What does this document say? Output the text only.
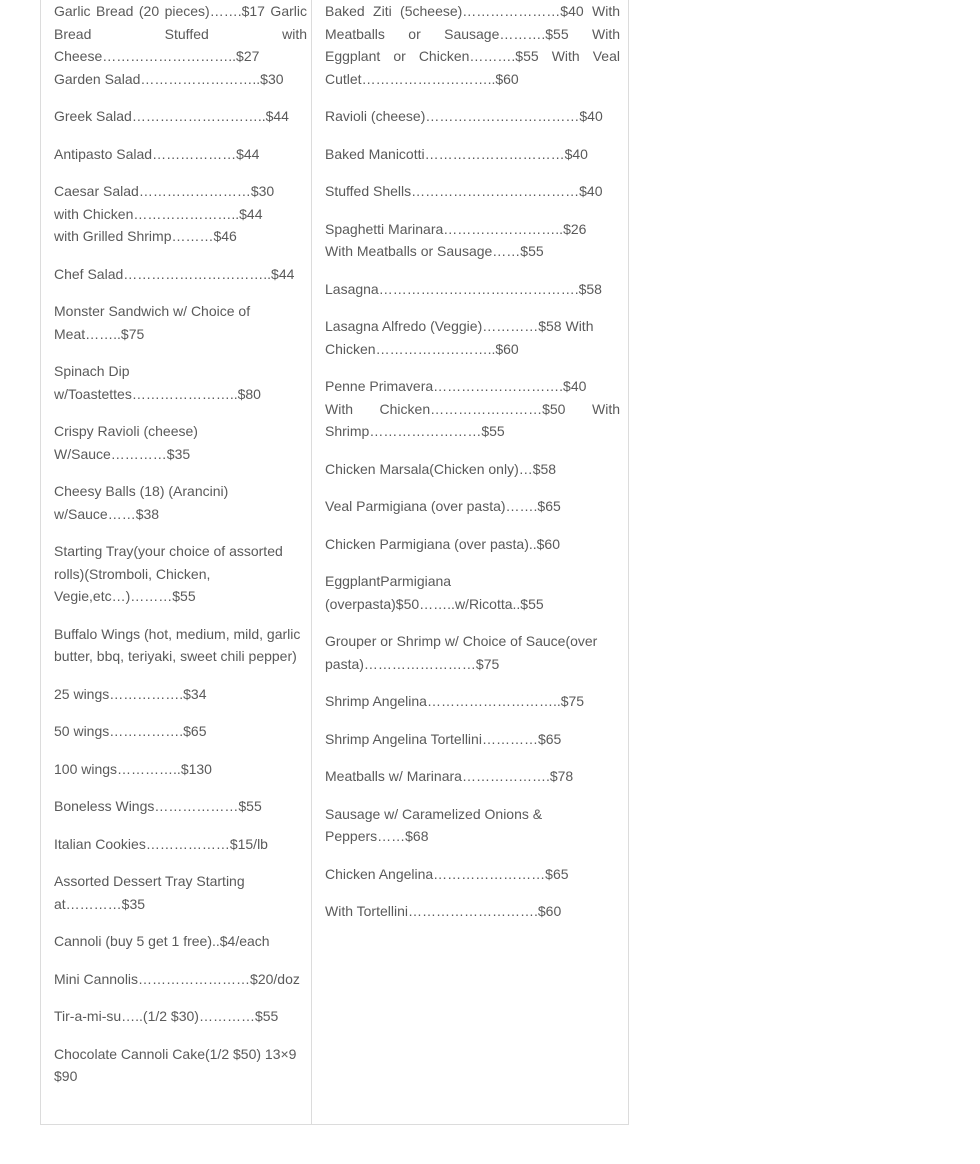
Garlic Bread (20 pieces)…….$17 Garlic Bread Stuffed with Cheese………………………..$27 Garden Salad……………………..$30

Greek Salad………………………..$44

Antipasto Salad………………$44

Caesar Salad……………………$30
with Chicken…………………..$44
with Grilled Shrimp………$46

Chef Salad…………………………..$44

Monster Sandwich w/ Choice of Meat……..$75

Spinach Dip w/Toastettes…………………..$80

Crispy Ravioli (cheese) W/Sauce…………$35

Cheesy Balls (18) (Arancini) w/Sauce……$38

Starting Tray(your choice of assorted rolls)(Stromboli, Chicken, Vegie,etc…)………$55

Buffalo Wings (hot, medium, mild, garlic butter, bbq, teriyaki, sweet chili pepper)

25 wings…………….$34

50 wings…………….$65

100 wings…………..$130

Boneless Wings………………$55

Italian Cookies………………$15/lb

Assorted Dessert Tray Starting at…………$35

Cannoli (buy 5 get 1 free)..$4/each

Mini Cannolis……………………$20/doz

Tir-a-mi-su…..(1/2 $30)…………$55

Chocolate Cannoli Cake(1/2 $50) 13×9 $90

Baked Ziti (5cheese)…………………$40 With Meatballs or Sausage……….$55 With Eggplant or Chicken……….$55 With Veal Cutlet………………………..$60

Ravioli (cheese)……………………………$40

Baked Manicotti…………………………$40

Stuffed Shells………………………………$40

Spaghetti Marinara……………………..$26
With Meatballs or Sausage……$55

Lasagna…………………………………….$58

Lasagna Alfredo (Veggie)…………$58 With Chicken……………………..$60

Penne Primavera……………………….$40
With Chicken……………………$50 With Shrimp……………………$55

Chicken Marsala(Chicken only)…$58

Veal Parmigiana (over pasta)…….$65

Chicken Parmigiana (over pasta)..$60

EggplantParmigiana (overpasta)$50……..w/Ricotta..$55

Grouper or Shrimp w/ Choice of Sauce(over pasta)……………………$75

Shrimp Angelina………………………..$75

Shrimp Angelina Tortellini…………$65

Meatballs w/ Marinara……………….$78

Sausage w/ Caramelized Onions & Peppers……$68

Chicken Angelina……………………$65

With Tortellini……………………….$60
